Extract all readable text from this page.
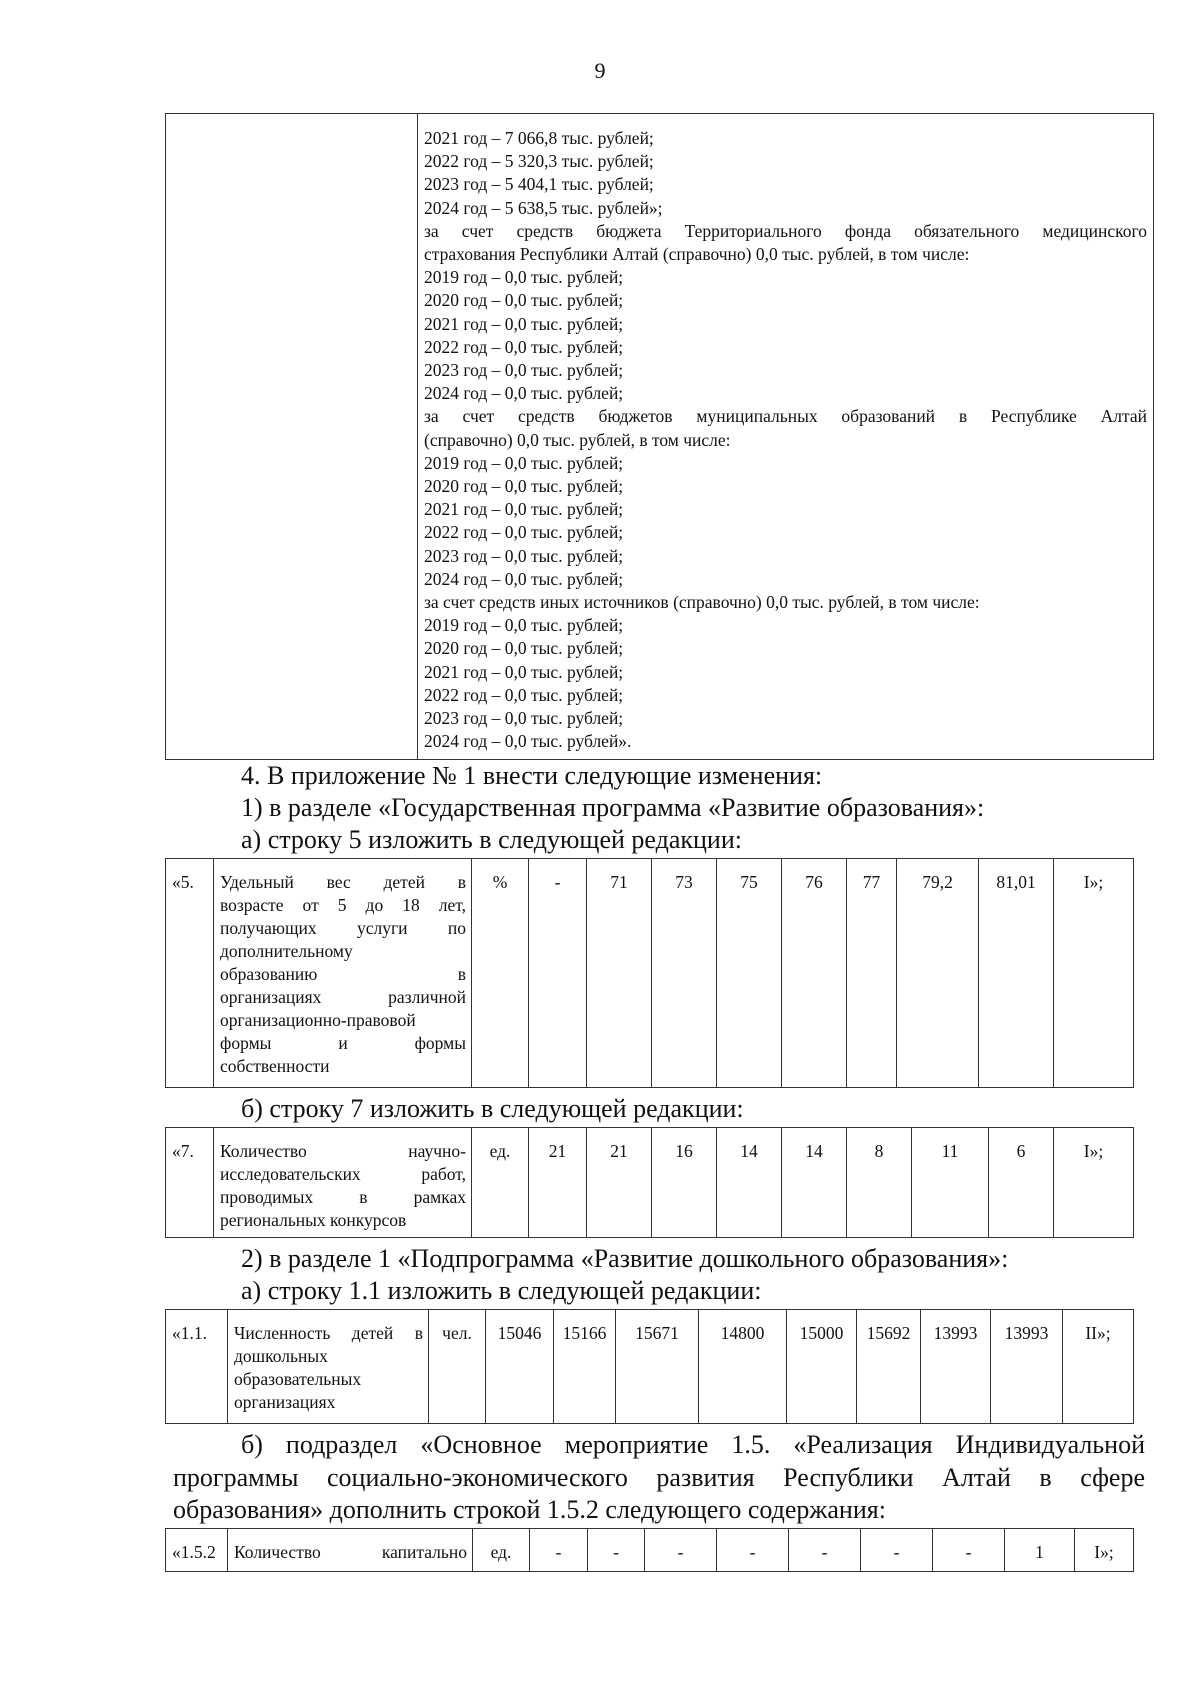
9

2021 год – 7 066,8 тыс. рублей;
2022 год – 5 320,3 тыс. рублей;
2023 год – 5 404,1 тыс. рублей;
2024 год – 5 638,5 тыс. рублей»;
за счет средств бюджета Территориального фонда обязательного медицинского
страхования Республики Алтай (справочно) 0,0 тыс. рублей, в том числе:
2019 год – 0,0 тыс. рублей;
2020 год – 0,0 тыс. рублей;
2021 год – 0,0 тыс. рублей;
2022 год – 0,0 тыс. рублей;
2023 год – 0,0 тыс. рублей;
2024 год – 0,0 тыс. рублей;
за счет средств бюджетов муниципальных образований в Республике Алтай
(справочно) 0,0 тыс. рублей, в том числе:
2019 год – 0,0 тыс. рублей;
2020 год – 0,0 тыс. рублей;
2021 год – 0,0 тыс. рублей;
2022 год – 0,0 тыс. рублей;
2023 год – 0,0 тыс. рублей;
2024 год – 0,0 тыс. рублей;
за счет средств иных источников (справочно) 0,0 тыс. рублей, в том числе:
2019 год – 0,0 тыс. рублей;
2020 год – 0,0 тыс. рублей;
2021 год – 0,0 тыс. рублей;
2022 год – 0,0 тыс. рублей;
2023 год – 0,0 тыс. рублей;
2024 год – 0,0 тыс. рублей».
4. В приложение № 1 внести следующие изменения:
1) в разделе «Государственная программа «Развитие образования»:
а) строку 5 изложить в следующей редакции:
«5.	Удельный вес детей в
возрасте от 5 до 18 лет,
получающих услуги по
дополнительному
образованию в
организациях различной
организационно-правовой
формы и формы
собственности
	%	-	71	73	75	76	77	79,2	81,01	I»;
б) строку 7 изложить в следующей редакции:
«7.	Количество научно-
исследовательских работ,
проводимых в рамках
региональных конкурсов
	ед.	21	21	16	14	14	8	11	6	I»;
2) в разделе 1 «Подпрограмма «Развитие дошкольного образования»:
а) строку 1.1 изложить в следующей редакции:
«1.1.	Численность детей в
дошкольных
образовательных
организациях
	чел.	15046	15166	15671	14800	15000	15692	13993	13993	II»;
б) подраздел «Основное мероприятие 1.5. «Реализация Индивидуальной программы социально-экономического развития Республики Алтай в сфере образования» дополнить строкой 1.5.2 следующего содержания:
«1.5.2	Количество капитально	ед.	-	-	-	-	-	-	-	1	I»;
